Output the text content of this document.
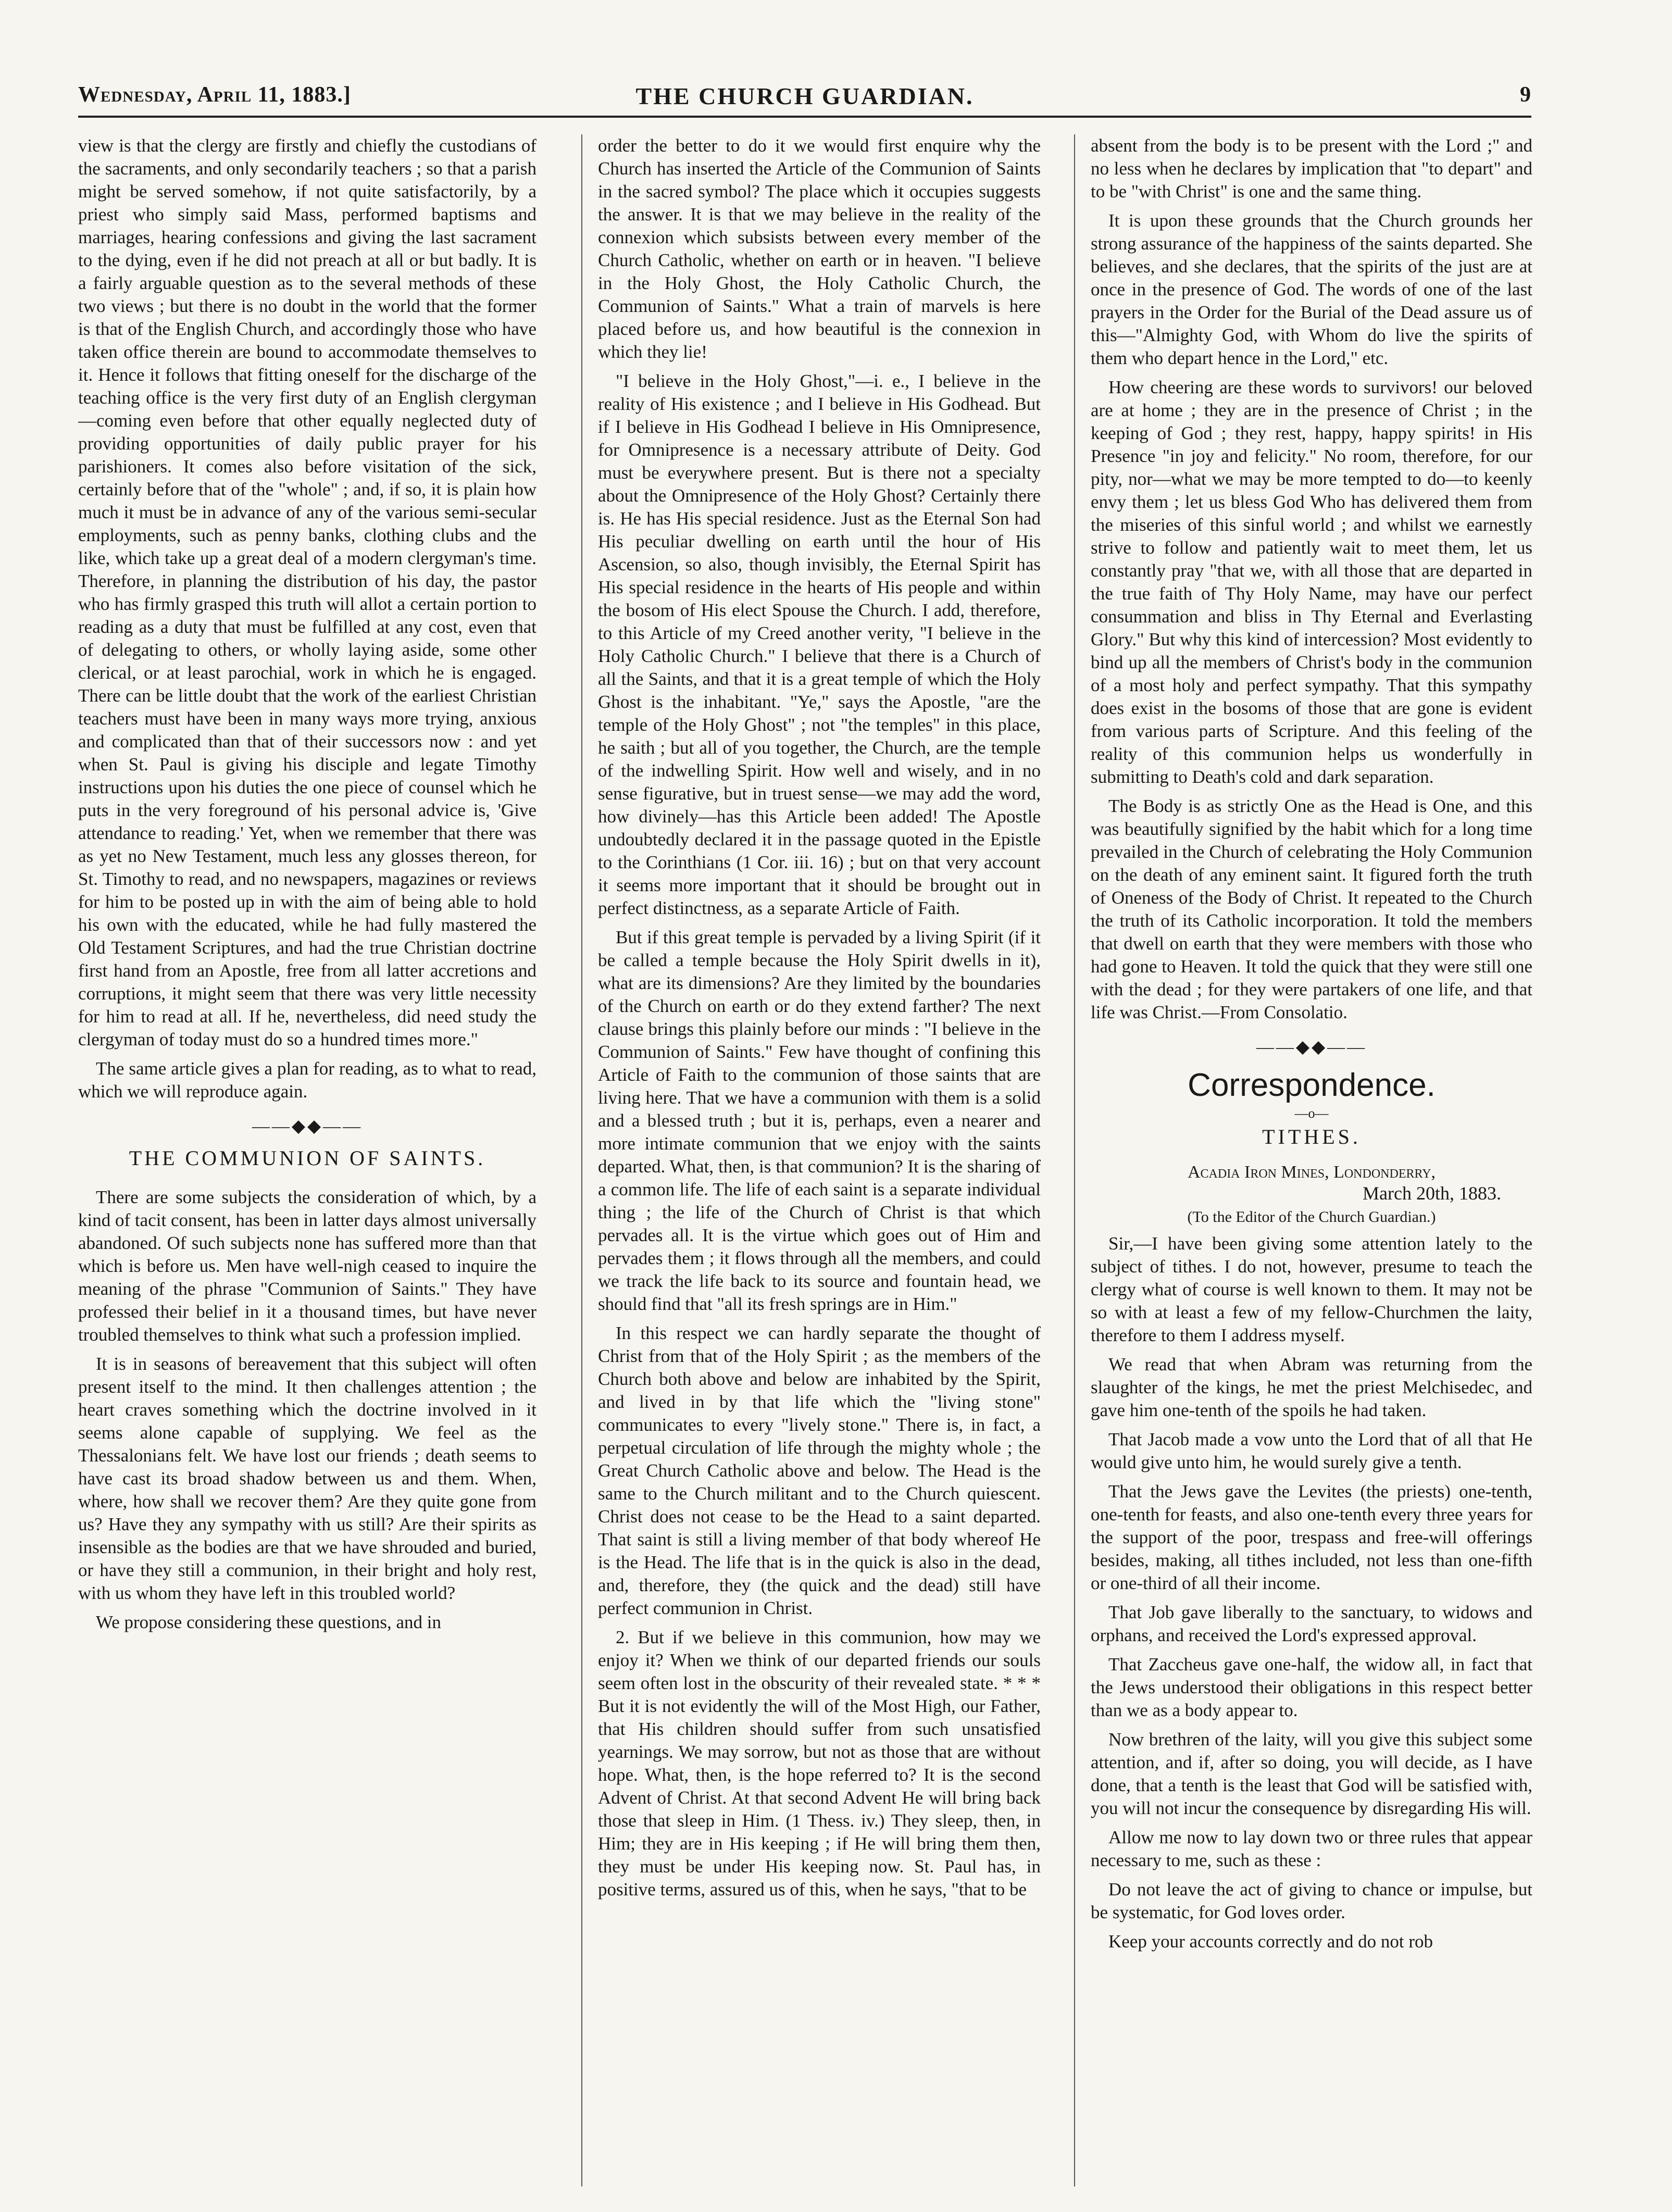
Wednesday, April 11, 1883.]	THE CHURCH GUARDIAN.	9

view is that the clergy are firstly and chiefly the custodians of the sacraments, and only secondarily teachers ; so that a parish might be served somehow, if not quite satisfactorily, by a priest who simply said Mass, performed baptisms and marriages, hearing confessions and giving the last sacrament to the dying, even if he did not preach at all or but badly. It is a fairly arguable question as to the several methods of these two views ; but there is no doubt in the world that the former is that of the English Church, and accordingly those who have taken office therein are bound to accommodate themselves to it. Hence it follows that fitting oneself for the discharge of the teaching office is the very first duty of an English clergyman—coming even before that other equally neglected duty of providing opportunities of daily public prayer for his parishioners. It comes also before visitation of the sick, certainly before that of the "whole" ; and, if so, it is plain how much it must be in advance of any of the various semi-secular employments, such as penny banks, clothing clubs and the like, which take up a great deal of a modern clergyman's time. Therefore, in planning the distribution of his day, the pastor who has firmly grasped this truth will allot a certain portion to reading as a duty that must be fulfilled at any cost, even that of delegating to others, or wholly laying aside, some other clerical, or at least parochial, work in which he is engaged. There can be little doubt that the work of the earliest Christian teachers must have been in many ways more trying, anxious and complicated than that of their successors now : and yet when St. Paul is giving his disciple and legate Timothy instructions upon his duties the one piece of counsel which he puts in the very foreground of his personal advice is, 'Give attendance to reading.' Yet, when we remember that there was as yet no New Testament, much less any glosses thereon, for St. Timothy to read, and no newspapers, magazines or reviews for him to be posted up in with the aim of being able to hold his own with the educated, while he had fully mastered the Old Testament Scriptures, and had the true Christian doctrine first hand from an Apostle, free from all latter accretions and corruptions, it might seem that there was very little necessity for him to read at all. If he, nevertheless, did need study the clergyman of today must do so a hundred times more."

The same article gives a plan for reading, as to what to read, which we will reproduce again.

——◆◆——
THE COMMUNION OF SAINTS.

There are some subjects the consideration of which, by a kind of tacit consent, has been in latter days almost universally abandoned. Of such subjects none has suffered more than that which is before us. Men have well-nigh ceased to inquire the meaning of the phrase "Communion of Saints." They have professed their belief in it a thousand times, but have never troubled themselves to think what such a profession implied.

It is in seasons of bereavement that this subject will often present itself to the mind. It then challenges attention ; the heart craves something which the doctrine involved in it seems alone capable of supplying. We feel as the Thessalonians felt. We have lost our friends ; death seems to have cast its broad shadow between us and them. When, where, how shall we recover them? Are they quite gone from us? Have they any sympathy with us still? Are their spirits as insensible as the bodies are that we have shrouded and buried, or have they still a communion, in their bright and holy rest, with us whom they have left in this troubled world?

We propose considering these questions, and in

order the better to do it we would first enquire why the Church has inserted the Article of the Communion of Saints in the sacred symbol? The place which it occupies suggests the answer. It is that we may believe in the reality of the connexion which subsists between every member of the Church Catholic, whether on earth or in heaven. "I believe in the Holy Ghost, the Holy Catholic Church, the Communion of Saints." What a train of marvels is here placed before us, and how beautiful is the connexion in which they lie!

"I believe in the Holy Ghost,"—i. e., I believe in the reality of His existence ; and I believe in His Godhead. But if I believe in His Godhead I believe in His Omnipresence, for Omnipresence is a necessary attribute of Deity. God must be everywhere present. But is there not a specialty about the Omnipresence of the Holy Ghost? Certainly there is. He has His special residence. Just as the Eternal Son had His peculiar dwelling on earth until the hour of His Ascension, so also, though invisibly, the Eternal Spirit has His special residence in the hearts of His people and within the bosom of His elect Spouse the Church. I add, therefore, to this Article of my Creed another verity, "I believe in the Holy Catholic Church." I believe that there is a Church of all the Saints, and that it is a great temple of which the Holy Ghost is the inhabitant. "Ye," says the Apostle, "are the temple of the Holy Ghost" ; not "the temples" in this place, he saith ; but all of you together, the Church, are the temple of the indwelling Spirit. How well and wisely, and in no sense figurative, but in truest sense—we may add the word, how divinely—has this Article been added! The Apostle undoubtedly declared it in the passage quoted in the Epistle to the Corinthians (1 Cor. iii. 16) ; but on that very account it seems more important that it should be brought out in perfect distinctness, as a separate Article of Faith.

But if this great temple is pervaded by a living Spirit (if it be called a temple because the Holy Spirit dwells in it), what are its dimensions? Are they limited by the boundaries of the Church on earth or do they extend farther? The next clause brings this plainly before our minds : "I believe in the Communion of Saints." Few have thought of confining this Article of Faith to the communion of those saints that are living here. That we have a communion with them is a solid and a blessed truth ; but it is, perhaps, even a nearer and more intimate communion that we enjoy with the saints departed. What, then, is that communion? It is the sharing of a common life. The life of each saint is a separate individual thing ; the life of the Church of Christ is that which pervades all. It is the virtue which goes out of Him and pervades them ; it flows through all the members, and could we track the life back to its source and fountain head, we should find that "all its fresh springs are in Him."

In this respect we can hardly separate the thought of Christ from that of the Holy Spirit ; as the members of the Church both above and below are inhabited by the Spirit, and lived in by that life which the "living stone" communicates to every "lively stone." There is, in fact, a perpetual circulation of life through the mighty whole ; the Great Church Catholic above and below. The Head is the same to the Church militant and to the Church quiescent. Christ does not cease to be the Head to a saint departed. That saint is still a living member of that body whereof He is the Head. The life that is in the quick is also in the dead, and, therefore, they (the quick and the dead) still have perfect communion in Christ.

2. But if we believe in this communion, how may we enjoy it? When we think of our departed friends our souls seem often lost in the obscurity of their revealed state. * * * But it is not evidently the will of the Most High, our Father, that His children should suffer from such unsatisfied yearnings. We may sorrow, but not as those that are without hope. What, then, is the hope referred to? It is the second Advent of Christ. At that second Advent He will bring back those that sleep in Him. (1 Thess. iv.) They sleep, then, in Him; they are in His keeping ; if He will bring them then, they must be under His keeping now. St. Paul has, in positive terms, assured us of this, when he says, "that to be

absent from the body is to be present with the Lord ;" and no less when he declares by implication that "to depart" and to be "with Christ" is one and the same thing.

It is upon these grounds that the Church grounds her strong assurance of the happiness of the saints departed. She believes, and she declares, that the spirits of the just are at once in the presence of God. The words of one of the last prayers in the Order for the Burial of the Dead assure us of this—"Almighty God, with Whom do live the spirits of them who depart hence in the Lord," etc.

How cheering are these words to survivors! our beloved are at home ; they are in the presence of Christ ; in the keeping of God ; they rest, happy, happy spirits! in His Presence "in joy and felicity." No room, therefore, for our pity, nor—what we may be more tempted to do—to keenly envy them ; let us bless God Who has delivered them from the miseries of this sinful world ; and whilst we earnestly strive to follow and patiently wait to meet them, let us constantly pray "that we, with all those that are departed in the true faith of Thy Holy Name, may have our perfect consummation and bliss in Thy Eternal and Everlasting Glory." But why this kind of intercession? Most evidently to bind up all the members of Christ's body in the communion of a most holy and perfect sympathy. That this sympathy does exist in the bosoms of those that are gone is evident from various parts of Scripture. And this feeling of the reality of this communion helps us wonderfully in submitting to Death's cold and dark separation.

The Body is as strictly One as the Head is One, and this was beautifully signified by the habit which for a long time prevailed in the Church of celebrating the Holy Communion on the death of any eminent saint. It figured forth the truth of Oneness of the Body of Christ. It repeated to the Church the truth of its Catholic incorporation. It told the members that dwell on earth that they were members with those who had gone to Heaven. It told the quick that they were still one with the dead ; for they were partakers of one life, and that life was Christ.—From Consolatio.

——◆◆——
Correspondence.
—o—
TITHES.
Acadia Iron Mines, Londonderry,
March 20th, 1883.
(To the Editor of the Church Guardian.)

Sir,—I have been giving some attention lately to the subject of tithes. I do not, however, presume to teach the clergy what of course is well known to them. It may not be so with at least a few of my fellow-Churchmen the laity, therefore to them I address myself.

We read that when Abram was returning from the slaughter of the kings, he met the priest Melchisedec, and gave him one-tenth of the spoils he had taken.

That Jacob made a vow unto the Lord that of all that He would give unto him, he would surely give a tenth.

That the Jews gave the Levites (the priests) one-tenth, one-tenth for feasts, and also one-tenth every three years for the support of the poor, trespass and free-will offerings besides, making, all tithes included, not less than one-fifth or one-third of all their income.

That Job gave liberally to the sanctuary, to widows and orphans, and received the Lord's expressed approval.

That Zaccheus gave one-half, the widow all, in fact that the Jews understood their obligations in this respect better than we as a body appear to.

Now brethren of the laity, will you give this subject some attention, and if, after so doing, you will decide, as I have done, that a tenth is the least that God will be satisfied with, you will not incur the consequence by disregarding His will.

Allow me now to lay down two or three rules that appear necessary to me, such as these :

Do not leave the act of giving to chance or impulse, but be systematic, for God loves order.

Keep your accounts correctly and do not rob
